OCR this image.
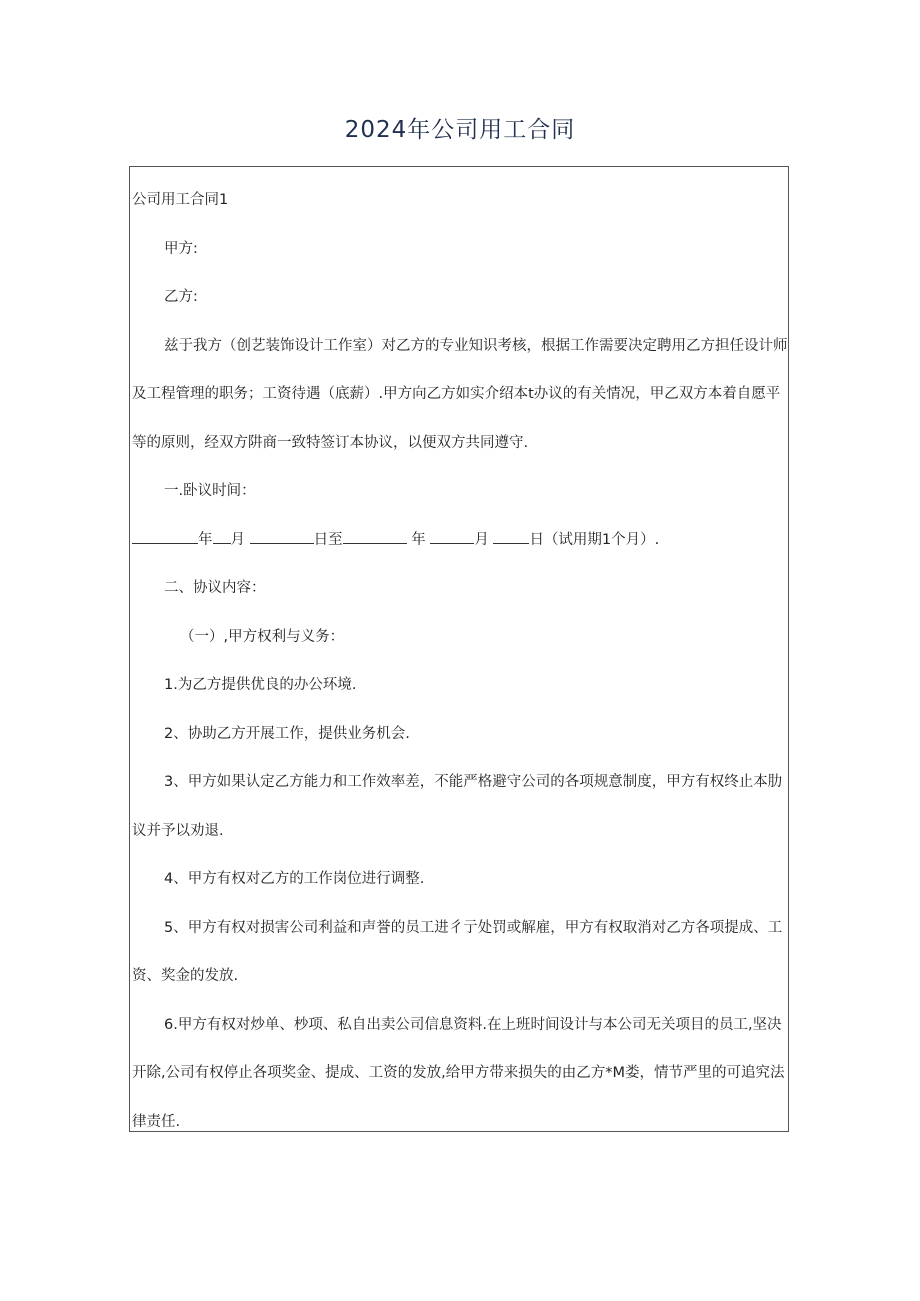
2024年公司用工合同

公司用工合同1

甲方:

乙方:

兹于我方（创艺装饰设计工作室）对乙方的专业知识考核，根据工作需要决定聘用乙方担任设计师及工程管理的职务；工资待遇（底薪）.甲方向乙方如实介绍本t办议的有关情况，甲乙双方本着自愿平等的原则，经双方阱商一致特签订本协议，以便双方共同遵守.

一.卧议时间：

年 月	日至	年	月	日（试用期1个月）.

二、协议内容：

（一）,甲方权利与义务：

1.为乙方提供优良的办公环境.

2、协助乙方开展工作，提供业务机会.

3、甲方如果认定乙方能力和工作效率差，不能严格避守公司的各项规意制度，甲方有权终止本肋议并予以劝退.

4、甲方有权对乙方的工作岗位进行调整.

5、甲方有权对损害公司利益和声誉的员工进彳亍处罚或解雇，甲方有权取消对乙方各项提成、工资、奖金的发放.

6.甲方有权对炒单、杪项、私自出卖公司信息资料.在上班时间设计与本公司无关项目的员工,坚决开除,公司有权停止各项奖金、提成、工资的发放,给甲方带来损失的由乙方*M娄，情节严里的可追究法律责任.
